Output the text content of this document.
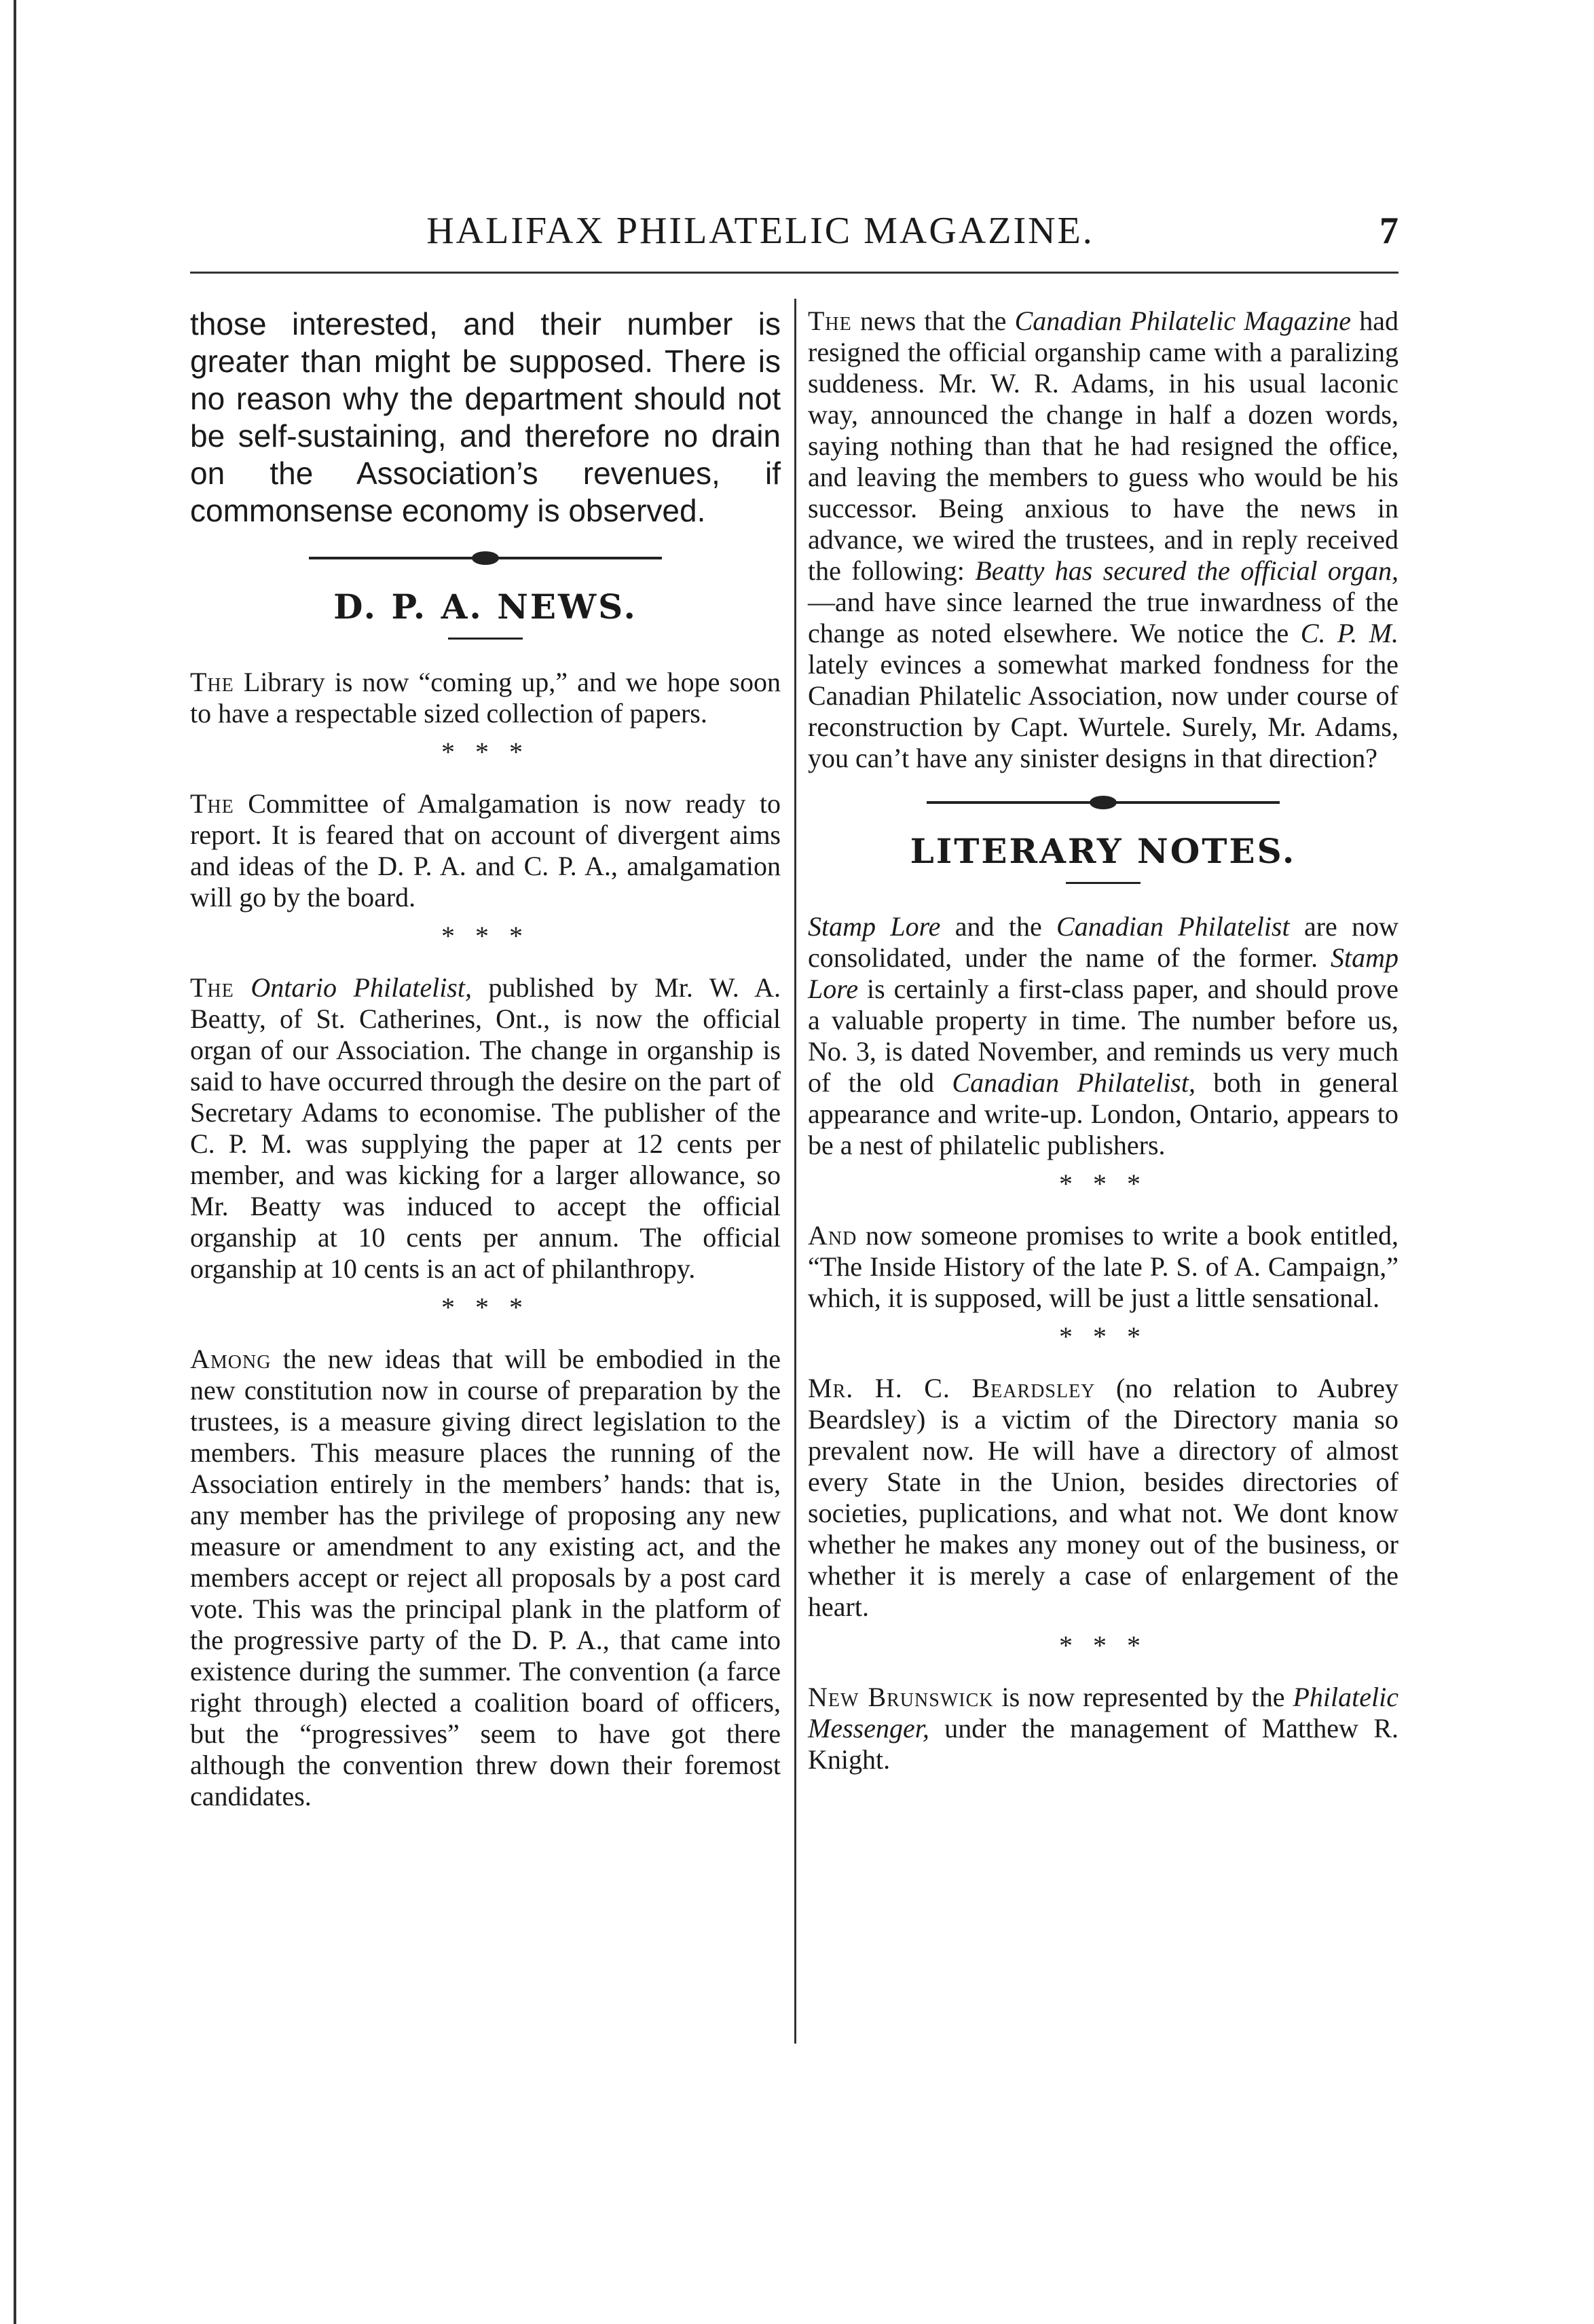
HALIFAX PHILATELIC MAGAZINE.	7

those interested, and their number is greater than might be supposed. There is no reason why the department should not be self-sustaining, and therefore no drain on the Association’s revenues, if commonsense economy is observed.

D. P. A. NEWS.

The Library is now “coming up,” and we hope soon to have a respectable sized collection of papers.

* * *

The Committee of Amalgamation is now ready to report. It is feared that on account of divergent aims and ideas of the D. P. A. and C. P. A., amalgamation will go by the board.

* * *

The Ontario Philatelist, published by Mr. W. A. Beatty, of St. Catherines, Ont., is now the official organ of our Association. The change in organship is said to have occurred through the desire on the part of Secretary Adams to economise. The publisher of the C. P. M. was supplying the paper at 12 cents per member, and was kicking for a larger allowance, so Mr. Beatty was induced to accept the official organship at 10 cents per annum. The official organship at 10 cents is an act of philanthropy.

* * *

Among the new ideas that will be embodied in the new constitution now in course of preparation by the trustees, is a measure giving direct legislation to the members. This measure places the running of the Association entirely in the members’ hands: that is, any member has the privilege of proposing any new measure or amendment to any existing act, and the members accept or reject all proposals by a post card vote. This was the principal plank in the platform of the progressive party of the D. P. A., that came into existence during the summer. The convention (a farce right through) elected a coalition board of officers, but the “progressives” seem to have got there although the convention threw down their foremost candidates.

The news that the Canadian Philatelic Magazine had resigned the official organship came with a paralizing suddeness. Mr. W. R. Adams, in his usual laconic way, announced the change in half a dozen words, saying nothing than that he had resigned the office, and leaving the members to guess who would be his successor. Being anxious to have the news in advance, we wired the trustees, and in reply received the following: Beatty has secured the official organ,—and have since learned the true inwardness of the change as noted elsewhere. We notice the C. P. M. lately evinces a somewhat marked fondness for the Canadian Philatelic Association, now under course of reconstruction by Capt. Wurtele. Surely, Mr. Adams, you can’t have any sinister designs in that direction?

LITERARY NOTES.

Stamp Lore and the Canadian Philatelist are now consolidated, under the name of the former. Stamp Lore is certainly a first-class paper, and should prove a valuable property in time. The number before us, No. 3, is dated November, and reminds us very much of the old Canadian Philatelist, both in general appearance and write-up. London, Ontario, appears to be a nest of philatelic publishers.

* * *

And now someone promises to write a book entitled, “The Inside History of the late P. S. of A. Campaign,” which, it is supposed, will be just a little sensational.

* * *

Mr. H. C. Beardsley (no relation to Aubrey Beardsley) is a victim of the Directory mania so prevalent now. He will have a directory of almost every State in the Union, besides directories of societies, puplications, and what not. We dont know whether he makes any money out of the business, or whether it is merely a case of enlargement of the heart.

* * *

New Brunswick is now represented by the Philatelic Messenger, under the management of Matthew R. Knight.
